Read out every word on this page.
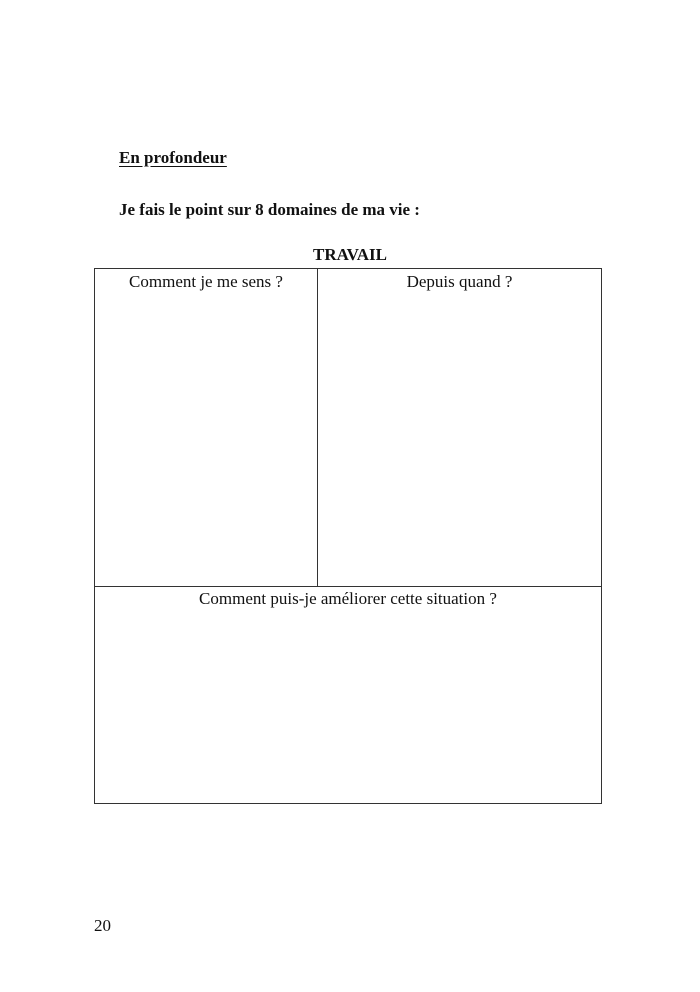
En profondeur
Je fais le point sur 8 domaines de ma vie :
TRAVAIL
Comment je me sens ?	Depuis quand ?
Comment puis-je améliorer cette situation ?
20
